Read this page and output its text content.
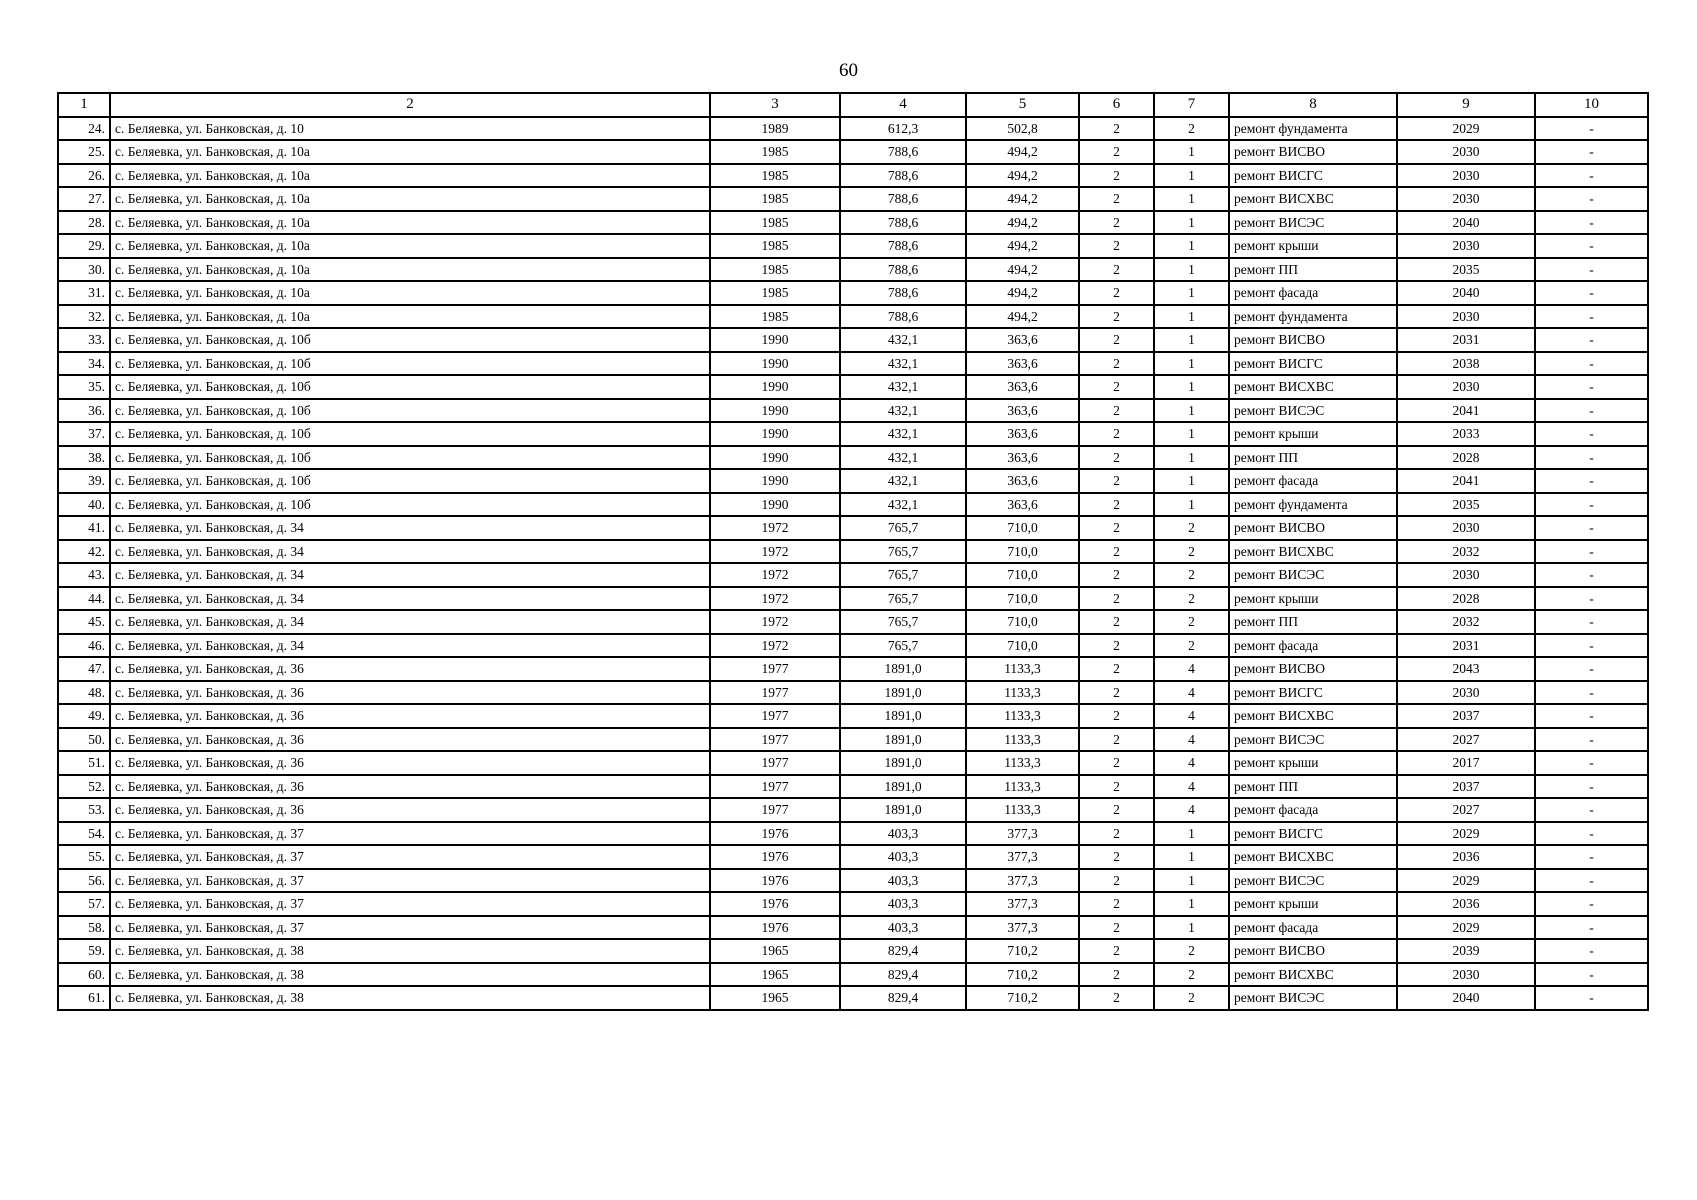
60
1	2	3	4	5	6	7	8	9	10
24.	с. Беляевка, ул. Банковская, д. 10	1989	612,3	502,8	2	2	ремонт фундамента	2029	-
25.	с. Беляевка, ул. Банковская, д. 10а	1985	788,6	494,2	2	1	ремонт ВИСВО	2030	-
26.	с. Беляевка, ул. Банковская, д. 10а	1985	788,6	494,2	2	1	ремонт ВИСГС	2030	-
27.	с. Беляевка, ул. Банковская, д. 10а	1985	788,6	494,2	2	1	ремонт ВИСХВС	2030	-
28.	с. Беляевка, ул. Банковская, д. 10а	1985	788,6	494,2	2	1	ремонт ВИСЭС	2040	-
29.	с. Беляевка, ул. Банковская, д. 10а	1985	788,6	494,2	2	1	ремонт крыши	2030	-
30.	с. Беляевка, ул. Банковская, д. 10а	1985	788,6	494,2	2	1	ремонт ПП	2035	-
31.	с. Беляевка, ул. Банковская, д. 10а	1985	788,6	494,2	2	1	ремонт фасада	2040	-
32.	с. Беляевка, ул. Банковская, д. 10а	1985	788,6	494,2	2	1	ремонт фундамента	2030	-
33.	с. Беляевка, ул. Банковская, д. 10б	1990	432,1	363,6	2	1	ремонт ВИСВО	2031	-
34.	с. Беляевка, ул. Банковская, д. 10б	1990	432,1	363,6	2	1	ремонт ВИСГС	2038	-
35.	с. Беляевка, ул. Банковская, д. 10б	1990	432,1	363,6	2	1	ремонт ВИСХВС	2030	-
36.	с. Беляевка, ул. Банковская, д. 10б	1990	432,1	363,6	2	1	ремонт ВИСЭС	2041	-
37.	с. Беляевка, ул. Банковская, д. 10б	1990	432,1	363,6	2	1	ремонт крыши	2033	-
38.	с. Беляевка, ул. Банковская, д. 10б	1990	432,1	363,6	2	1	ремонт ПП	2028	-
39.	с. Беляевка, ул. Банковская, д. 10б	1990	432,1	363,6	2	1	ремонт фасада	2041	-
40.	с. Беляевка, ул. Банковская, д. 10б	1990	432,1	363,6	2	1	ремонт фундамента	2035	-
41.	с. Беляевка, ул. Банковская, д. 34	1972	765,7	710,0	2	2	ремонт ВИСВО	2030	-
42.	с. Беляевка, ул. Банковская, д. 34	1972	765,7	710,0	2	2	ремонт ВИСХВС	2032	-
43.	с. Беляевка, ул. Банковская, д. 34	1972	765,7	710,0	2	2	ремонт ВИСЭС	2030	-
44.	с. Беляевка, ул. Банковская, д. 34	1972	765,7	710,0	2	2	ремонт крыши	2028	-
45.	с. Беляевка, ул. Банковская, д. 34	1972	765,7	710,0	2	2	ремонт ПП	2032	-
46.	с. Беляевка, ул. Банковская, д. 34	1972	765,7	710,0	2	2	ремонт фасада	2031	-
47.	с. Беляевка, ул. Банковская, д. 36	1977	1891,0	1133,3	2	4	ремонт ВИСВО	2043	-
48.	с. Беляевка, ул. Банковская, д. 36	1977	1891,0	1133,3	2	4	ремонт ВИСГС	2030	-
49.	с. Беляевка, ул. Банковская, д. 36	1977	1891,0	1133,3	2	4	ремонт ВИСХВС	2037	-
50.	с. Беляевка, ул. Банковская, д. 36	1977	1891,0	1133,3	2	4	ремонт ВИСЭС	2027	-
51.	с. Беляевка, ул. Банковская, д. 36	1977	1891,0	1133,3	2	4	ремонт крыши	2017	-
52.	с. Беляевка, ул. Банковская, д. 36	1977	1891,0	1133,3	2	4	ремонт ПП	2037	-
53.	с. Беляевка, ул. Банковская, д. 36	1977	1891,0	1133,3	2	4	ремонт фасада	2027	-
54.	с. Беляевка, ул. Банковская, д. 37	1976	403,3	377,3	2	1	ремонт ВИСГС	2029	-
55.	с. Беляевка, ул. Банковская, д. 37	1976	403,3	377,3	2	1	ремонт ВИСХВС	2036	-
56.	с. Беляевка, ул. Банковская, д. 37	1976	403,3	377,3	2	1	ремонт ВИСЭС	2029	-
57.	с. Беляевка, ул. Банковская, д. 37	1976	403,3	377,3	2	1	ремонт крыши	2036	-
58.	с. Беляевка, ул. Банковская, д. 37	1976	403,3	377,3	2	1	ремонт фасада	2029	-
59.	с. Беляевка, ул. Банковская, д. 38	1965	829,4	710,2	2	2	ремонт ВИСВО	2039	-
60.	с. Беляевка, ул. Банковская, д. 38	1965	829,4	710,2	2	2	ремонт ВИСХВС	2030	-
61.	с. Беляевка, ул. Банковская, д. 38	1965	829,4	710,2	2	2	ремонт ВИСЭС	2040	-
